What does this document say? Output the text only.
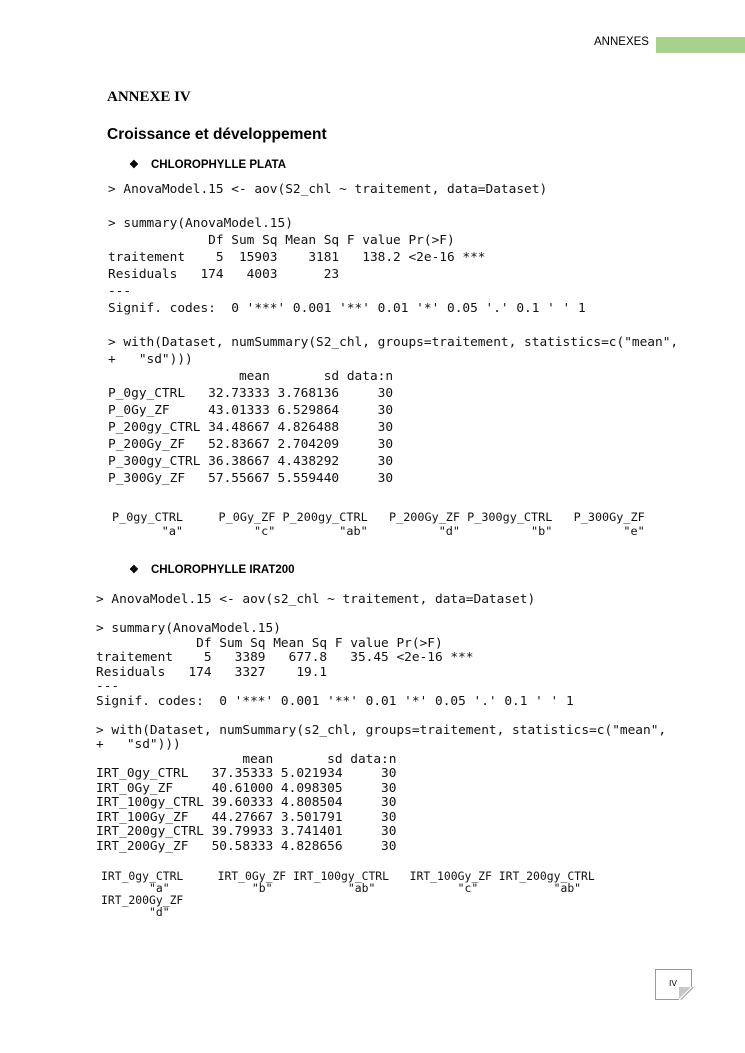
ANNEXES
ANNEXE IV
Croissance et développement
❖ CHLOROPHYLLE PLATA
> AnovaModel.15 <- aov(S2_chl ~ traitement, data=Dataset)

> summary(AnovaModel.15)
Df Sum Sq Mean Sq F value Pr(>F)
traitement    5  15903    3181   138.2 <2e-16 ***
Residuals   174   4003      23
---
Signif. codes:  0 '***' 0.001 '**' 0.01 '*' 0.05 '.' 0.1 ' ' 1

> with(Dataset, numSummary(S2_chl, groups=traitement, statistics=c("mean",
+   "sd")))
mean       sd data:n
P_0gy_CTRL   32.73333 3.768136     30
P_0Gy_ZF     43.01333 6.529864     30
P_200gy_CTRL 34.48667 4.826488     30
P_200Gy_ZF   52.83667 2.704209     30
P_300gy_CTRL 36.38667 4.438292     30
P_300Gy_ZF   57.55667 5.559440     30
P_0gy_CTRL     P_0Gy_ZF P_200gy_CTRL   P_200Gy_ZF P_300gy_CTRL   P_300Gy_ZF
"a"          "c"         "ab"          "d"          "b"          "e"
❖ CHLOROPHYLLE IRAT200
> AnovaModel.15 <- aov(s2_chl ~ traitement, data=Dataset)

> summary(AnovaModel.15)
Df Sum Sq Mean Sq F value Pr(>F)
traitement    5   3389   677.8   35.45 <2e-16 ***
Residuals   174   3327    19.1
---
Signif. codes:  0 '***' 0.001 '**' 0.01 '*' 0.05 '.' 0.1 ' ' 1

> with(Dataset, numSummary(s2_chl, groups=traitement, statistics=c("mean",
+   "sd")))
mean       sd data:n
IRT_0gy_CTRL   37.35333 5.021934     30
IRT_0Gy_ZF     40.61000 4.098305     30
IRT_100gy_CTRL 39.60333 4.808504     30
IRT_100Gy_ZF   44.27667 3.501791     30
IRT_200gy_CTRL 39.79933 3.741401     30
IRT_200Gy_ZF   50.58333 4.828656     30
IRT_0gy_CTRL     IRT_0Gy_ZF IRT_100gy_CTRL   IRT_100Gy_ZF IRT_200gy_CTRL
"a"            "b"           "ab"            "c"           "ab"
IRT_200Gy_ZF
"d"
IV
